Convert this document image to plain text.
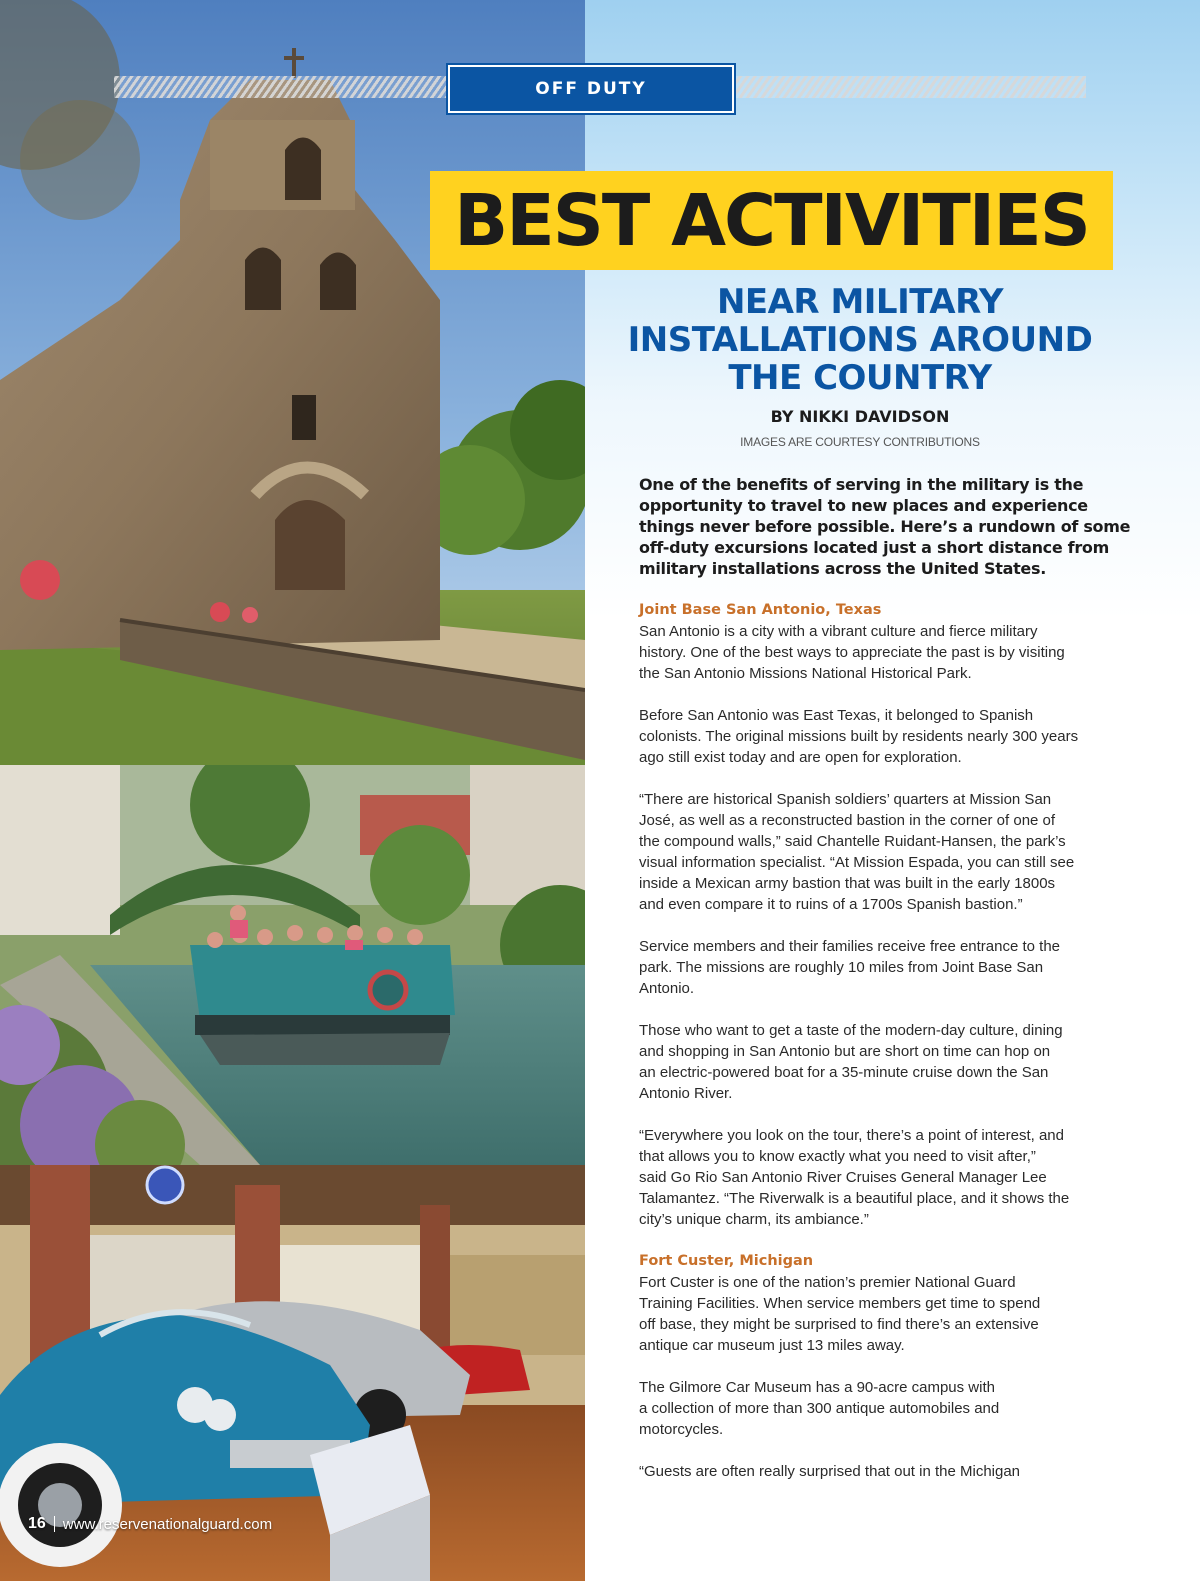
OFF DUTY
BEST ACTIVITIES
NEAR MILITARY
INSTALLATIONS AROUND
THE COUNTRY
BY NIKKI DAVIDSON
IMAGES ARE COURTESY CONTRIBUTIONS
One of the benefits of serving in the military is the
opportunity to travel to new places and experience
things never before possible. Here’s a rundown of some
off-duty excursions located just a short distance from
military installations across the United States.
Joint Base San Antonio, Texas
San Antonio is a city with a vibrant culture and fierce military
history. One of the best ways to appreciate the past is by visiting
the San Antonio Missions National Historical Park.
Before San Antonio was East Texas, it belonged to Spanish
colonists. The original missions built by residents nearly 300 years
ago still exist today and are open for exploration.
“There are historical Spanish soldiers’ quarters at Mission San
José, as well as a reconstructed bastion in the corner of one of
the compound walls,” said Chantelle Ruidant-Hansen, the park’s
visual information specialist. “At Mission Espada, you can still see
inside a Mexican army bastion that was built in the early 1800s
and even compare it to ruins of a 1700s Spanish bastion.”
Service members and their families receive free entrance to the
park. The missions are roughly 10 miles from Joint Base San
Antonio.
Those who want to get a taste of the modern-day culture, dining
and shopping in San Antonio but are short on time can hop on
an electric-powered boat for a 35-minute cruise down the San
Antonio River.
“Everywhere you look on the tour, there’s a point of interest, and
that allows you to know exactly what you need to visit after,”
said Go Rio San Antonio River Cruises General Manager Lee
Talamantez. “The Riverwalk is a beautiful place, and it shows the
city’s unique charm, its ambiance.”
Fort Custer, Michigan
Fort Custer is one of the nation’s premier National Guard
Training Facilities. When service members get time to spend
off base, they might be surprised to find there’s an extensive
antique car museum just 13 miles away.
The Gilmore Car Museum has a 90-acre campus with
a collection of more than 300 antique automobiles and
motorcycles.
“Guests are often really surprised that out in the Michigan
16 www.reservenationalguard.com
